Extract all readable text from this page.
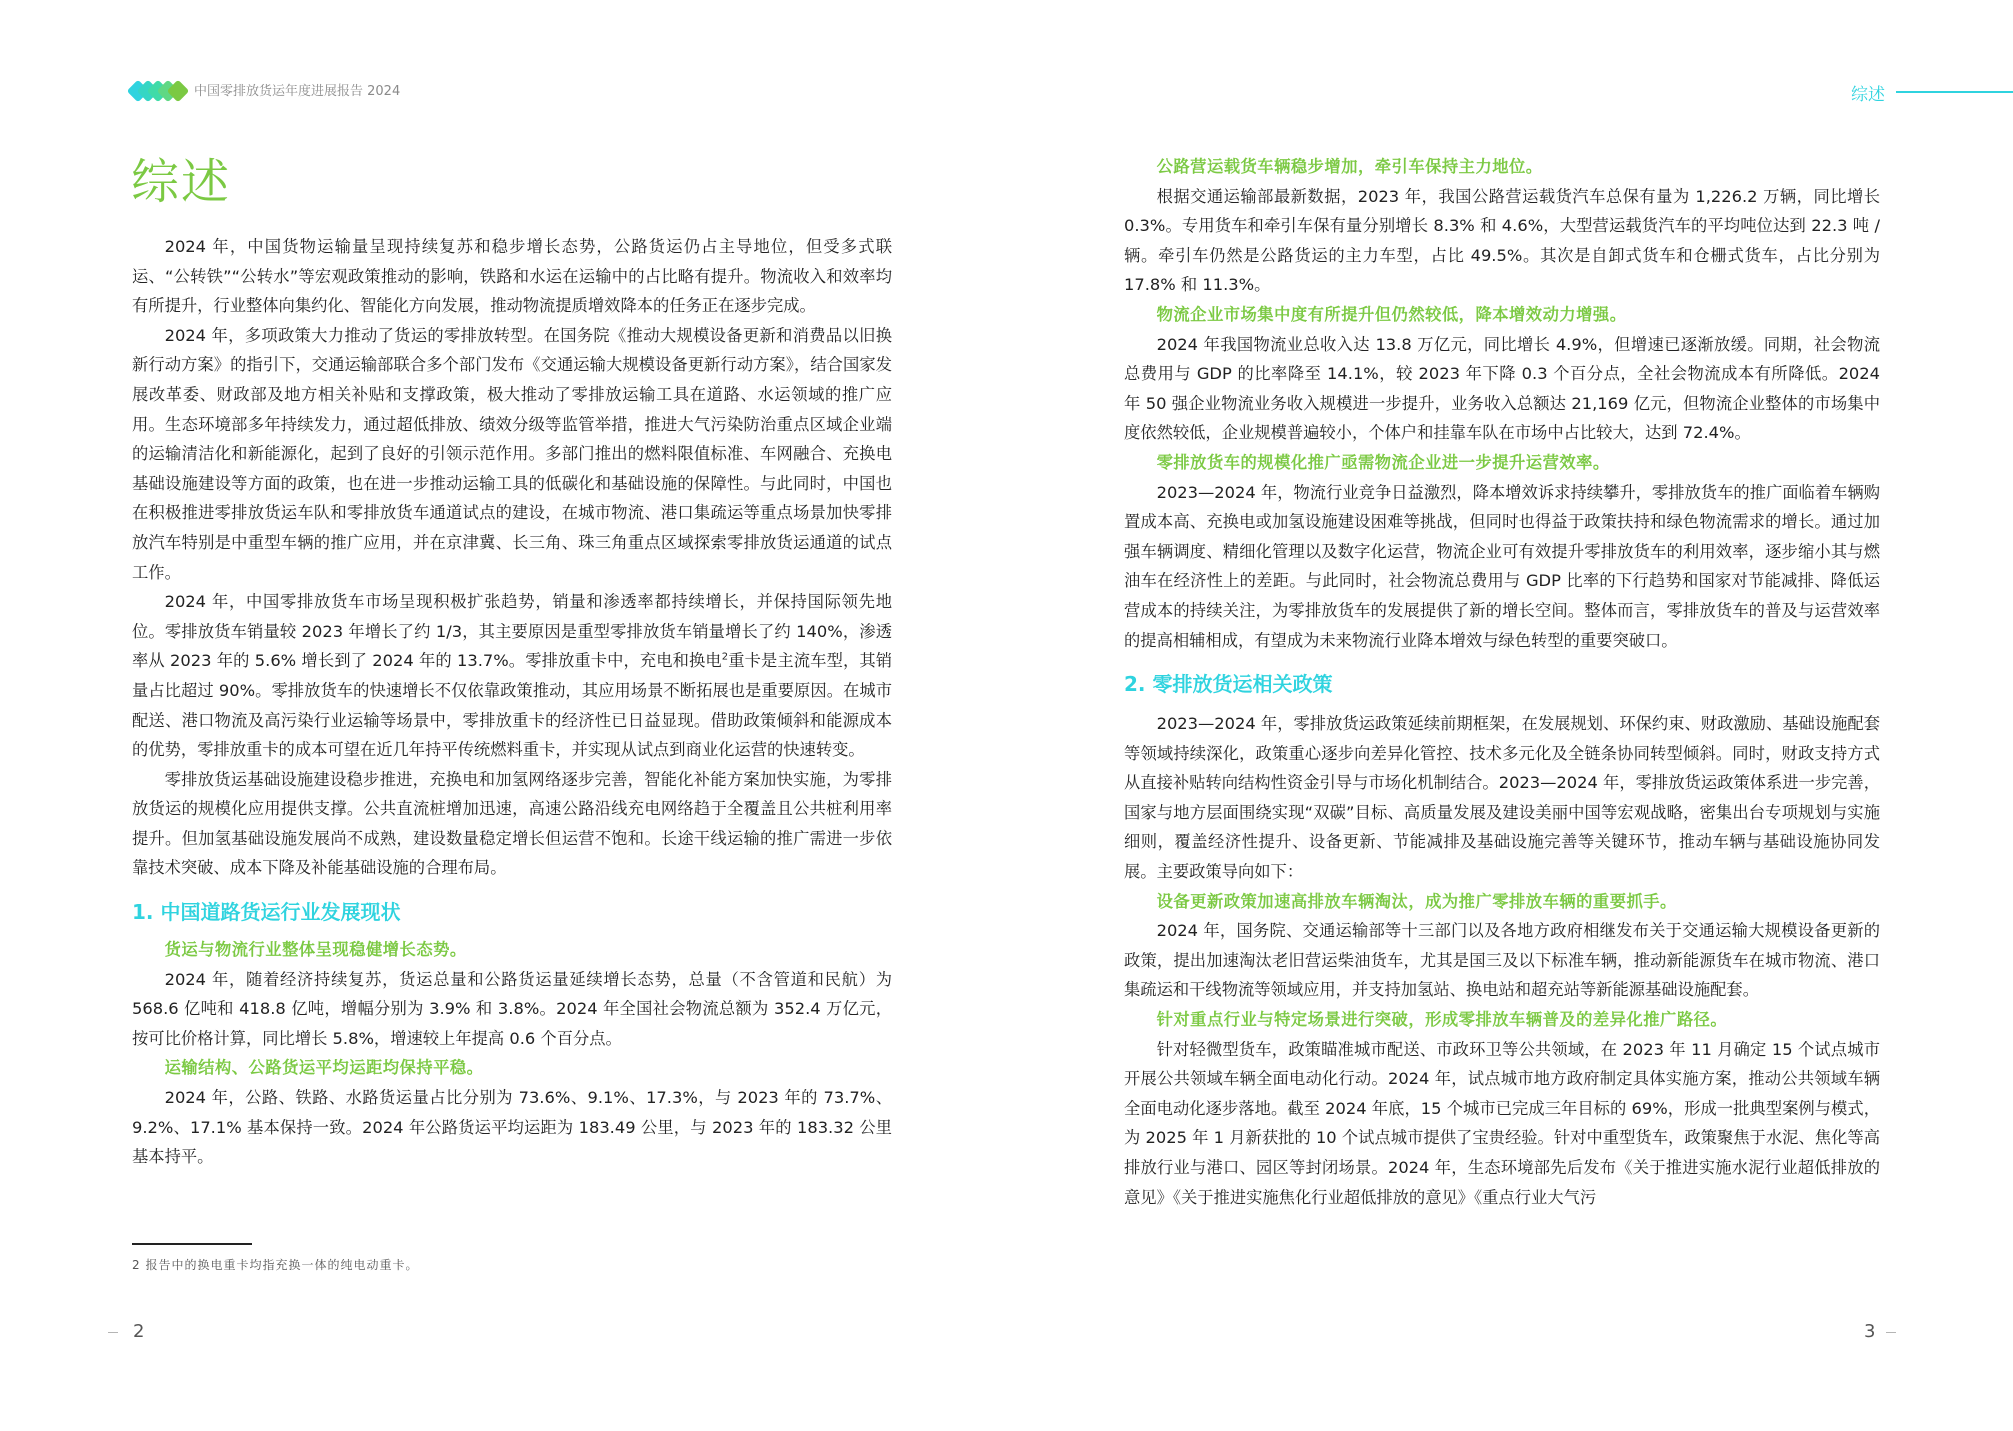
中国零排放货运年度进展报告 2024
综述

2024 年，中国货物运输量呈现持续复苏和稳步增长态势，公路货运仍占主导地位，但受多式联运、“公转铁”“公转水”等宏观政策推动的影响，铁路和水运在运输中的占比略有提升。物流收入和效率均有所提升，行业整体向集约化、智能化方向发展，推动物流提质增效降本的任务正在逐步完成。

2024 年，多项政策大力推动了货运的零排放转型。在国务院《推动大规模设备更新和消费品以旧换新行动方案》的指引下，交通运输部联合多个部门发布《交通运输大规模设备更新行动方案》，结合国家发展改革委、财政部及地方相关补贴和支撑政策，极大推动了零排放运输工具在道路、水运领域的推广应用。生态环境部多年持续发力，通过超低排放、绩效分级等监管举措，推进大气污染防治重点区域企业端的运输清洁化和新能源化，起到了良好的引领示范作用。多部门推出的燃料限值标准、车网融合、充换电基础设施建设等方面的政策，也在进一步推动运输工具的低碳化和基础设施的保障性。与此同时，中国也在积极推进零排放货运车队和零排放货车通道试点的建设，在城市物流、港口集疏运等重点场景加快零排放汽车特别是中重型车辆的推广应用，并在京津冀、长三角、珠三角重点区域探索零排放货运通道的试点工作。

2024 年，中国零排放货车市场呈现积极扩张趋势，销量和渗透率都持续增长，并保持国际领先地位。零排放货车销量较 2023 年增长了约 1/3，其主要原因是重型零排放货车销量增长了约 140%，渗透率从 2023 年的 5.6% 增长到了 2024 年的 13.7%。零排放重卡中，充电和换电$^2$重卡是主流车型，其销量占比超过 90%。零排放货车的快速增长不仅依靠政策推动，其应用场景不断拓展也是重要原因。在城市配送、港口物流及高污染行业运输等场景中，零排放重卡的经济性已日益显现。借助政策倾斜和能源成本的优势，零排放重卡的成本可望在近几年持平传统燃料重卡，并实现从试点到商业化运营的快速转变。

零排放货运基础设施建设稳步推进，充换电和加氢网络逐步完善，智能化补能方案加快实施，为零排放货运的规模化应用提供支撑。公共直流桩增加迅速，高速公路沿线充电网络趋于全覆盖且公共桩利用率提升。但加氢基础设施发展尚不成熟，建设数量稳定增长但运营不饱和。长途干线运输的推广需进一步依靠技术突破、成本下降及补能基础设施的合理布局。

1. 中国道路货运行业发展现状

货运与物流行业整体呈现稳健增长态势。

2024 年，随着经济持续复苏，货运总量和公路货运量延续增长态势，总量（不含管道和民航）为 568.6 亿吨和 418.8 亿吨，增幅分别为 3.9% 和 3.8%。2024 年全国社会物流总额为 352.4 万亿元，按可比价格计算，同比增长 5.8%，增速较上年提高 0.6 个百分点。

运输结构、公路货运平均运距均保持平稳。

2024 年，公路、铁路、水路货运量占比分别为 73.6%、9.1%、17.3%，与 2023 年的 73.7%、9.2%、17.1% 基本保持一致。2024 年公路货运平均运距为 183.49 公里，与 2023 年的 183.32 公里基本持平。

2 报告中的换电重卡均指充换一体的纯电动重卡。
2
综述

公路营运载货车辆稳步增加，牵引车保持主力地位。

根据交通运输部最新数据，2023 年，我国公路营运载货汽车总保有量为 1,226.2 万辆，同比增长 0.3%。专用货车和牵引车保有量分别增长 8.3% 和 4.6%，大型营运载货汽车的平均吨位达到 22.3 吨 / 辆。牵引车仍然是公路货运的主力车型，占比 49.5%。其次是自卸式货车和仓栅式货车，占比分别为 17.8% 和 11.3%。

物流企业市场集中度有所提升但仍然较低，降本增效动力增强。

2024 年我国物流业总收入达 13.8 万亿元，同比增长 4.9%，但增速已逐渐放缓。同期，社会物流总费用与 GDP 的比率降至 14.1%，较 2023 年下降 0.3 个百分点，全社会物流成本有所降低。2024 年 50 强企业物流业务收入规模进一步提升，业务收入总额达 21,169 亿元，但物流企业整体的市场集中度依然较低，企业规模普遍较小，个体户和挂靠车队在市场中占比较大，达到 72.4%。

零排放货车的规模化推广亟需物流企业进一步提升运营效率。

2023—2024 年，物流行业竞争日益激烈，降本增效诉求持续攀升，零排放货车的推广面临着车辆购置成本高、充换电或加氢设施建设困难等挑战，但同时也得益于政策扶持和绿色物流需求的增长。通过加强车辆调度、精细化管理以及数字化运营，物流企业可有效提升零排放货车的利用效率，逐步缩小其与燃油车在经济性上的差距。与此同时，社会物流总费用与 GDP 比率的下行趋势和国家对节能减排、降低运营成本的持续关注，为零排放货车的发展提供了新的增长空间。整体而言，零排放货车的普及与运营效率的提高相辅相成，有望成为未来物流行业降本增效与绿色转型的重要突破口。

2. 零排放货运相关政策

2023—2024 年，零排放货运政策延续前期框架，在发展规划、环保约束、财政激励、基础设施配套等领域持续深化，政策重心逐步向差异化管控、技术多元化及全链条协同转型倾斜。同时，财政支持方式从直接补贴转向结构性资金引导与市场化机制结合。2023—2024 年，零排放货运政策体系进一步完善，国家与地方层面围绕实现“双碳”目标、高质量发展及建设美丽中国等宏观战略，密集出台专项规划与实施细则，覆盖经济性提升、设备更新、节能减排及基础设施完善等关键环节，推动车辆与基础设施协同发展。主要政策导向如下：

设备更新政策加速高排放车辆淘汰，成为推广零排放车辆的重要抓手。

2024 年，国务院、交通运输部等十三部门以及各地方政府相继发布关于交通运输大规模设备更新的政策，提出加速淘汰老旧营运柴油货车，尤其是国三及以下标准车辆，推动新能源货车在城市物流、港口集疏运和干线物流等领域应用，并支持加氢站、换电站和超充站等新能源基础设施配套。

针对重点行业与特定场景进行突破，形成零排放车辆普及的差异化推广路径。

针对轻微型货车，政策瞄准城市配送、市政环卫等公共领域，在 2023 年 11 月确定 15 个试点城市开展公共领域车辆全面电动化行动。2024 年，试点城市地方政府制定具体实施方案，推动公共领域车辆全面电动化逐步落地。截至 2024 年底，15 个城市已完成三年目标的 69%，形成一批典型案例与模式，为 2025 年 1 月新获批的 10 个试点城市提供了宝贵经验。针对中重型货车，政策聚焦于水泥、焦化等高排放行业与港口、园区等封闭场景。2024 年，生态环境部先后发布《关于推进实施水泥行业超低排放的意见》《关于推进实施焦化行业超低排放的意见》《重点行业大气污

3
